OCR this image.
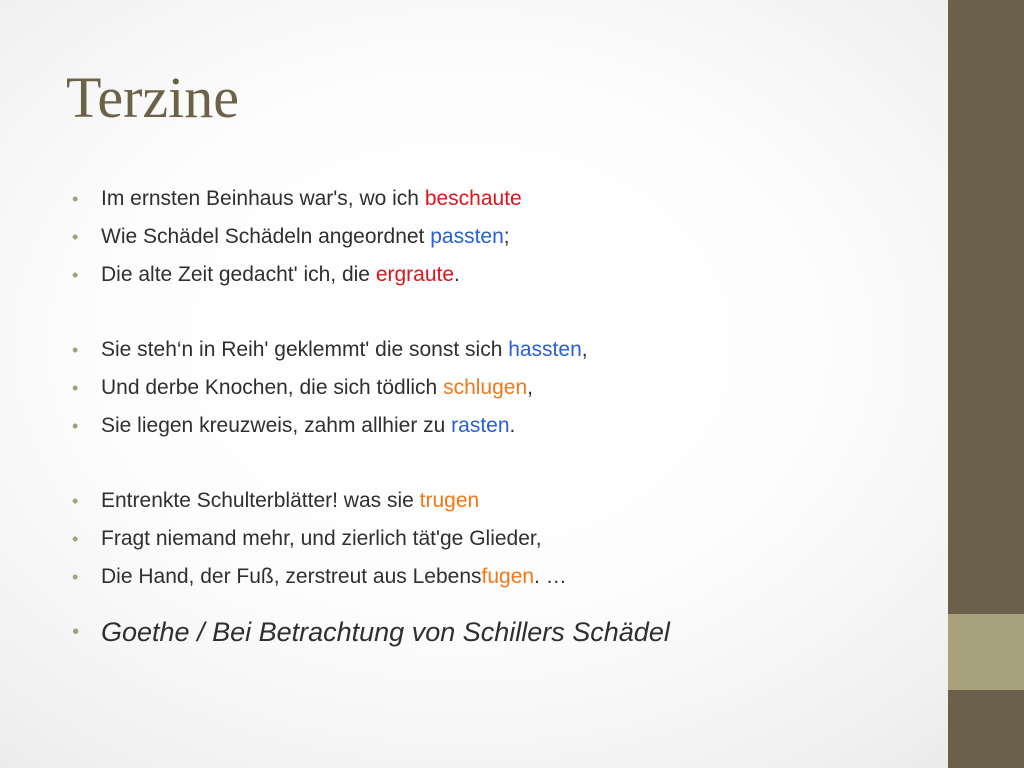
Terzine
• Im ernsten Beinhaus war's, wo ich beschaute
• Wie Schädel Schädeln angeordnet passten;
• Die alte Zeit gedacht' ich, die ergraute.
• Sie steh‘n in Reih' geklemmt' die sonst sich hassten,
• Und derbe Knochen, die sich tödlich schlugen,
• Sie liegen kreuzweis, zahm allhier zu rasten.
• Entrenkte Schulterblätter! was sie trugen
• Fragt niemand mehr, und zierlich tät'ge Glieder,
• Die Hand, der Fuß, zerstreut aus Lebensfugen. …
• Goethe / Bei Betrachtung von Schillers Schädel
